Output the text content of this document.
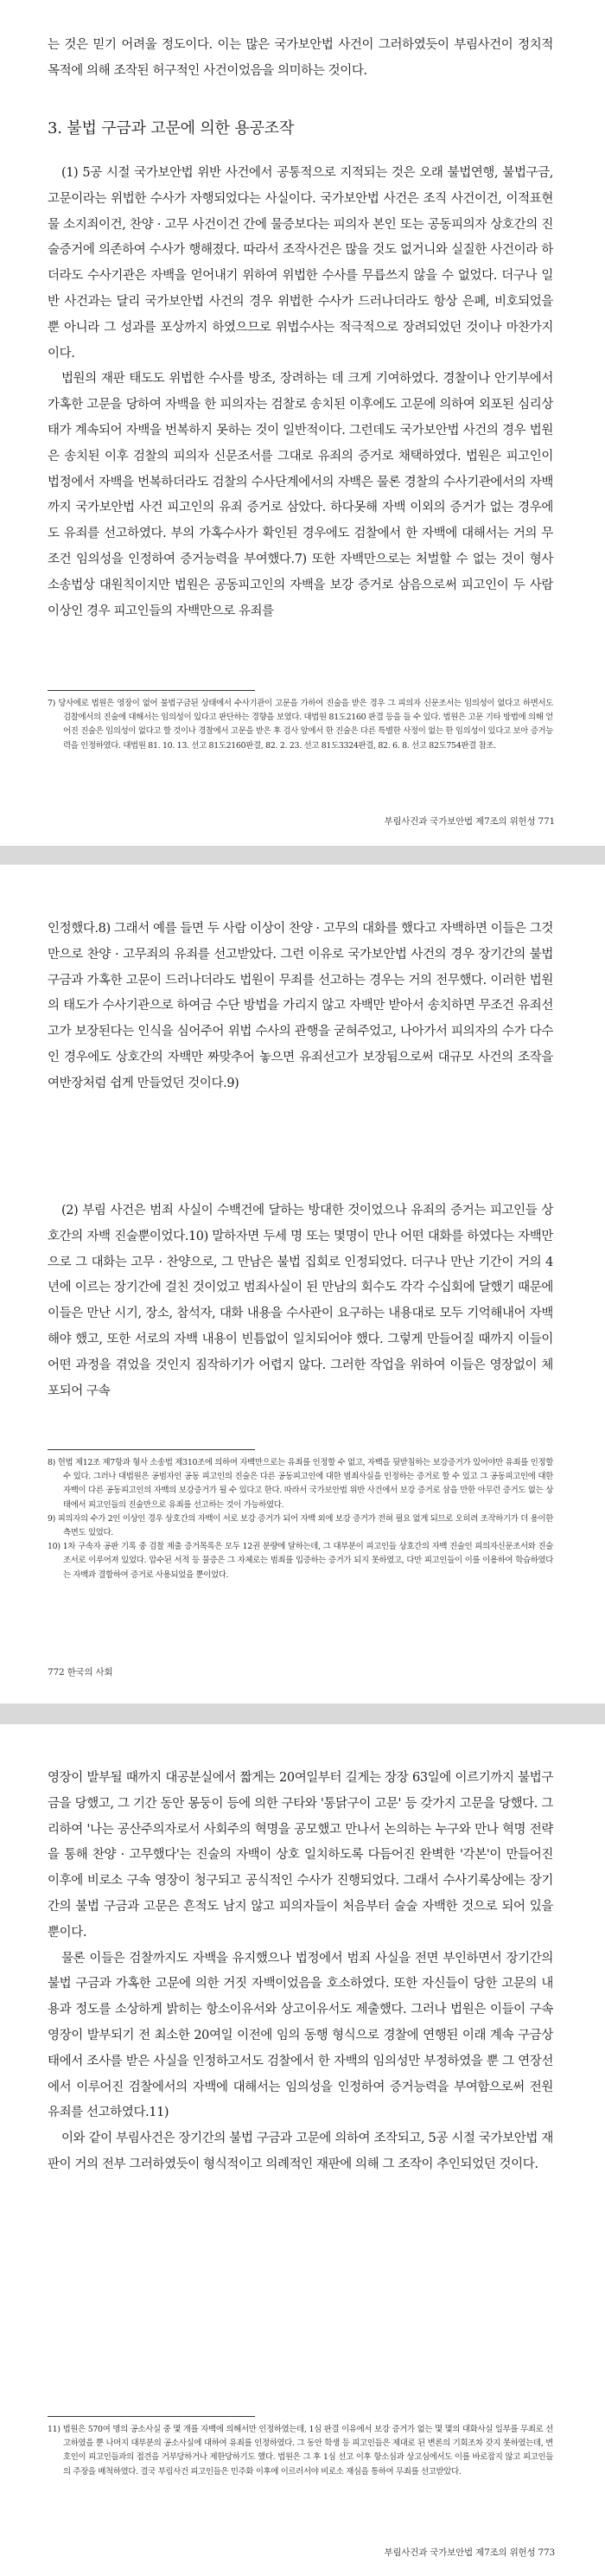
는 것은 믿기 어려울 정도이다. 이는 많은 국가보안법 사건이 그러하였듯이 부림사건이 정치적 목적에 의해 조작된 허구적인 사건이었음을 의미하는 것이다.

3. 불법 구금과 고문에 의한 용공조작

(1) 5공 시절 국가보안법 위반 사건에서 공통적으로 지적되는 것은 오래 불법연행, 불법구금, 고문이라는 위법한 수사가 자행되었다는 사실이다. 국가보안법 사건은 조직 사건이건, 이적표현물 소지죄이건, 찬양 · 고무 사건이건 간에 물증보다는 피의자 본인 또는 공동피의자 상호간의 진술증거에 의존하여 수사가 행해졌다. 따라서 조작사건은 많을 것도 없거니와 실질한 사건이라 하더라도 수사기관은 자백을 얻어내기 위하여 위법한 수사를 무릅쓰지 않을 수 없었다. 더구나 일반 사건과는 달리 국가보안법 사건의 경우 위법한 수사가 드러나더라도 항상 은폐, 비호되었을 뿐 아니라 그 성과를 포상까지 하였으므로 위법수사는 적극적으로 장려되었던 것이나 마찬가지이다.

법원의 재판 태도도 위법한 수사를 방조, 장려하는 데 크게 기여하였다. 경찰이나 안기부에서 가혹한 고문을 당하여 자백을 한 피의자는 검찰로 송치된 이후에도 고문에 의하여 외포된 심리상태가 계속되어 자백을 번복하지 못하는 것이 일반적이다. 그런데도 국가보안법 사건의 경우 법원은 송치된 이후 검찰의 피의자 신문조서를 그대로 유죄의 증거로 채택하였다. 법원은 피고인이 법정에서 자백을 번복하더라도 검찰의 수사단계에서의 자백은 물론 경찰의 수사기관에서의 자백까지 국가보안법 사건 피고인의 유죄 증거로 삼았다. 하다못해 자백 이외의 증거가 없는 경우에도 유죄를 선고하였다. 부의 가혹수사가 확인된 경우에도 검찰에서 한 자백에 대해서는 거의 무조건 임의성을 인정하여 증거능력을 부여했다.7) 또한 자백만으로는 처벌할 수 없는 것이 형사 소송법상 대원칙이지만 법원은 공동피고인의 자백을 보강 증거로 삼음으로써 피고인이 두 사람 이상인 경우 피고인들의 자백만으로 유죄를

7) 당사에로 법원은 영장이 없어 불법구금된 상태에서 수사기관이 고문을 가하여 진술을 받은 경우 그 피의자 신문조서는 임의성이 없다고 하면서도 검찰에서의 진술에 대해서는 임의성이 있다고 판단하는 경향을 보였다. 대법원 81도2160 판결 등을 들 수 있다. 법원은 고문 기타 방법에 의해 얻어진 진술은 임의성이 없다고 할 것이나 경찰에서 고문을 받은 후 검사 앞에서 한 진술은 다른 특별한 사정이 없는 한 임의성이 있다고 보아 증거능력을 인정하였다. 대법원 81. 10. 13. 선고 81도2160판결, 82. 2. 23. 선고 81도3324판결, 82. 6. 8. 선고 82도754판결 참조.

부림사건과 국가보안법 제7조의 위헌성 771

인정했다.8) 그래서 예를 들면 두 사람 이상이 찬양 · 고무의 대화를 했다고 자백하면 이들은 그것만으로 찬양 · 고무죄의 유죄를 선고받았다. 그런 이유로 국가보안법 사건의 경우 장기간의 불법 구금과 가혹한 고문이 드러나더라도 법원이 무죄를 선고하는 경우는 거의 전무했다. 이러한 법원의 태도가 수사기관으로 하여금 수단 방법을 가리지 않고 자백만 받아서 송치하면 무조건 유죄선고가 보장된다는 인식을 심어주어 위법 수사의 관행을 굳혀주었고, 나아가서 피의자의 수가 다수인 경우에도 상호간의 자백만 짜맞추어 놓으면 유죄선고가 보장됨으로써 대규모 사건의 조작을 여반장처럼 쉽게 만들었던 것이다.9)

(2) 부림 사건은 범죄 사실이 수백건에 달하는 방대한 것이었으나 유죄의 증거는 피고인들 상호간의 자백 진술뿐이었다.10) 말하자면 두세 명 또는 몇명이 만나 어떤 대화를 하였다는 자백만으로 그 대화는 고무 · 찬양으로, 그 만남은 불법 집회로 인정되었다. 더구나 만난 기간이 거의 4년에 이르는 장기간에 걸친 것이었고 범죄사실이 된 만남의 회수도 각각 수십회에 달했기 때문에 이들은 만난 시기, 장소, 참석자, 대화 내용을 수사관이 요구하는 내용대로 모두 기억해내어 자백해야 했고, 또한 서로의 자백 내용이 빈틈없이 일치되어야 했다. 그렇게 만들어질 때까지 이들이 어떤 과정을 겪었을 것인지 짐작하기가 어렵지 않다. 그러한 작업을 위하여 이들은 영장없이 체포되어 구속

8) 헌법 제12조 제7항과 형사 소송법 제310조에 의하여 자백만으로는 유죄를 인정할 수 없고, 자백을 뒷받침하는 보강증거가 있어야만 유죄를 인정할 수 있다. 그러나 대법원은 공범자인 공동 피고인의 진술은 다른 공동피고인에 대한 범죄사실을 인정하는 증거로 할 수 있고 그 공동피고인에 대한 자백이 다른 공동피고인의 자백의 보강증거가 될 수 있다고 한다. 따라서 국가보안법 위반 사건에서 보강 증거로 삼을 만한 아무런 증거도 없는 상태에서 피고인들의 진술만으로 유죄를 선고하는 것이 가능하였다.

9) 피의자의 수가 2인 이상인 경우 상호간의 자백이 서로 보강 증거가 되어 자백 외에 보강 증거가 전혀 필요 없게 되므로 오히려 조작하기가 더 용이한 측면도 있었다.

10) 1차 구속자 공판 기록 중 검찰 제출 증거목록은 모두 12권 분량에 달하는데, 그 대부분이 피고인들 상호간의 자백 진술인 피의자신문조서와 진술조서로 이루어져 있었다. 압수된 서적 등 물증은 그 자체로는 범죄를 입증하는 증거가 되지 못하였고, 다만 피고인들이 이를 이용하여 학습하였다는 자백과 결합하여 증거로 사용되었을 뿐이었다.

772 한국의 사회

영장이 발부될 때까지 대공분실에서 짧게는 20여일부터 길게는 장장 63일에 이르기까지 불법구금을 당했고, 그 기간 동안 몽둥이 등에 의한 구타와 '통닭구이 고문' 등 갖가지 고문을 당했다. 그리하여 '나는 공산주의자로서 사회주의 혁명을 공모했고 만나서 논의하는 누구와 만나 혁명 전략을 통해 찬양 · 고무했다'는 진술의 자백이 상호 일치하도록 다듬어진 완벽한 '각본'이 만들어진 이후에 비로소 구속 영장이 청구되고 공식적인 수사가 진행되었다. 그래서 수사기록상에는 장기간의 불법 구금과 고문은 흔적도 남지 않고 피의자들이 처음부터 술술 자백한 것으로 되어 있을 뿐이다.

물론 이들은 검찰까지도 자백을 유지했으나 법정에서 범죄 사실을 전면 부인하면서 장기간의 불법 구금과 가혹한 고문에 의한 거짓 자백이었음을 호소하였다. 또한 자신들이 당한 고문의 내용과 정도를 소상하게 밝히는 항소이유서와 상고이유서도 제출했다. 그러나 법원은 이들이 구속영장이 발부되기 전 최소한 20여일 이전에 임의 동행 형식으로 경찰에 연행된 이래 계속 구금상태에서 조사를 받은 사실을 인정하고서도 검찰에서 한 자백의 임의성만 부정하였을 뿐 그 연장선에서 이루어진 검찰에서의 자백에 대해서는 임의성을 인정하여 증거능력을 부여함으로써 전원 유죄를 선고하였다.11)

이와 같이 부림사건은 장기간의 불법 구금과 고문에 의하여 조작되고, 5공 시절 국가보안법 재판이 거의 전부 그러하였듯이 형식적이고 의례적인 재판에 의해 그 조작이 추인되었던 것이다.

11) 법원은 570여 명의 공소사실 중 몇 개를 자백에 의해서만 인정하였는데, 1심 판결 이유에서 보강 증거가 없는 몇 몇의 대화사실 일부를 무죄로 선고하였을 뿐 나머지 대부분의 공소사실에 대하여 유죄를 인정하였다. 그 동안 학생 등 피고인들은 제대로 된 변론의 기회조차 갖지 못하였는데, 변호인이 피고인들과의 접견을 거부당하거나 제한당하기도 했다. 법원은 그 후 1심 선고 이후 항소심과 상고심에서도 이를 바로잡지 않고 피고인들의 주장을 배척하였다. 결국 부림사건 피고인들은 민주화 이후에 이르러서야 비로소 재심을 통하여 무죄를 선고받았다.

부림사건과 국가보안법 제7조의 위헌성 773
